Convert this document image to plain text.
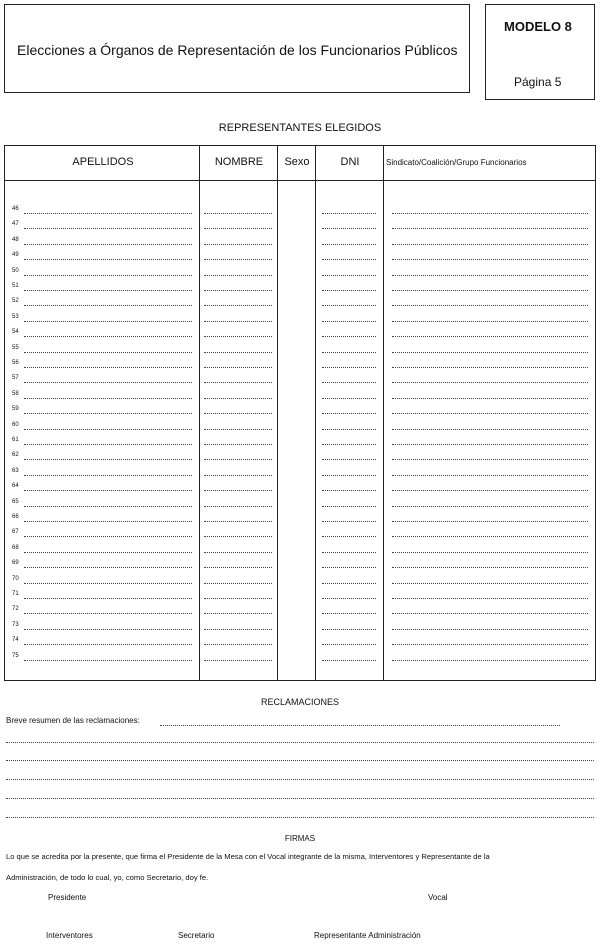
Elecciones a Órganos de Representación de los Funcionarios Públicos
MODELO 8
Página 5
REPRESENTANTES ELEGIDOS
APELLIDOS	NOMBRE	Sexo	DNI	Sindicato/Coalición/Grupo Funcionarios
46
47
48
49
50
51
52
53
54
55
56
57
58
59
60
61
62
63
64
65
66
67
68
69
70
71
72
73
74
75
RECLAMACIONES
Breve resumen de las reclamaciones:
FIRMAS
Lo que se acredita por la presente, que firma el Presidente de la Mesa con el Vocal integrante de la misma, Interventores y Representante de la
Administración, de todo lo cual, yo, como Secretario, doy fe.
Presidente	Vocal
Interventores	Secretario	Representante Administración
